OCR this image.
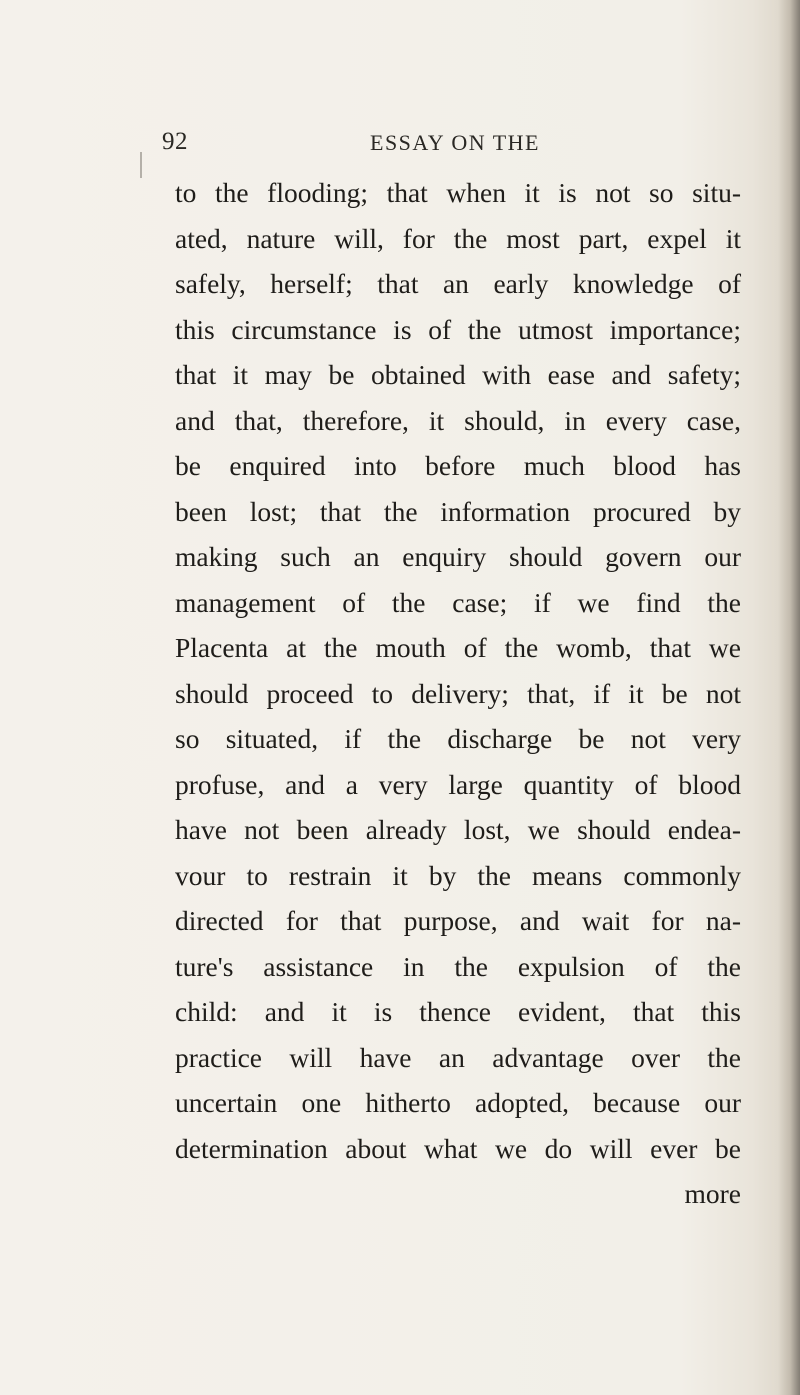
92	ESSAY ON THE
to the flooding; that when it is not so situ-
ated, nature will, for the most part, expel it
safely, herself; that an early knowledge of
this circumstance is of the utmost importance;
that it may be obtained with ease and safety;
and that, therefore, it should, in every case,
be enquired into before much blood has
been lost; that the information procured by
making such an enquiry should govern our
management of the case; if we find the
Placenta at the mouth of the womb, that we
should proceed to delivery; that, if it be not
so situated, if the discharge be not very
profuse, and a very large quantity of blood
have not been already lost, we should endea-
vour to restrain it by the means commonly
directed for that purpose, and wait for na-
ture's assistance in the expulsion of the
child: and it is thence evident, that this
practice will have an advantage over the
uncertain one hitherto adopted, because our
determination about what we do will ever be
more
